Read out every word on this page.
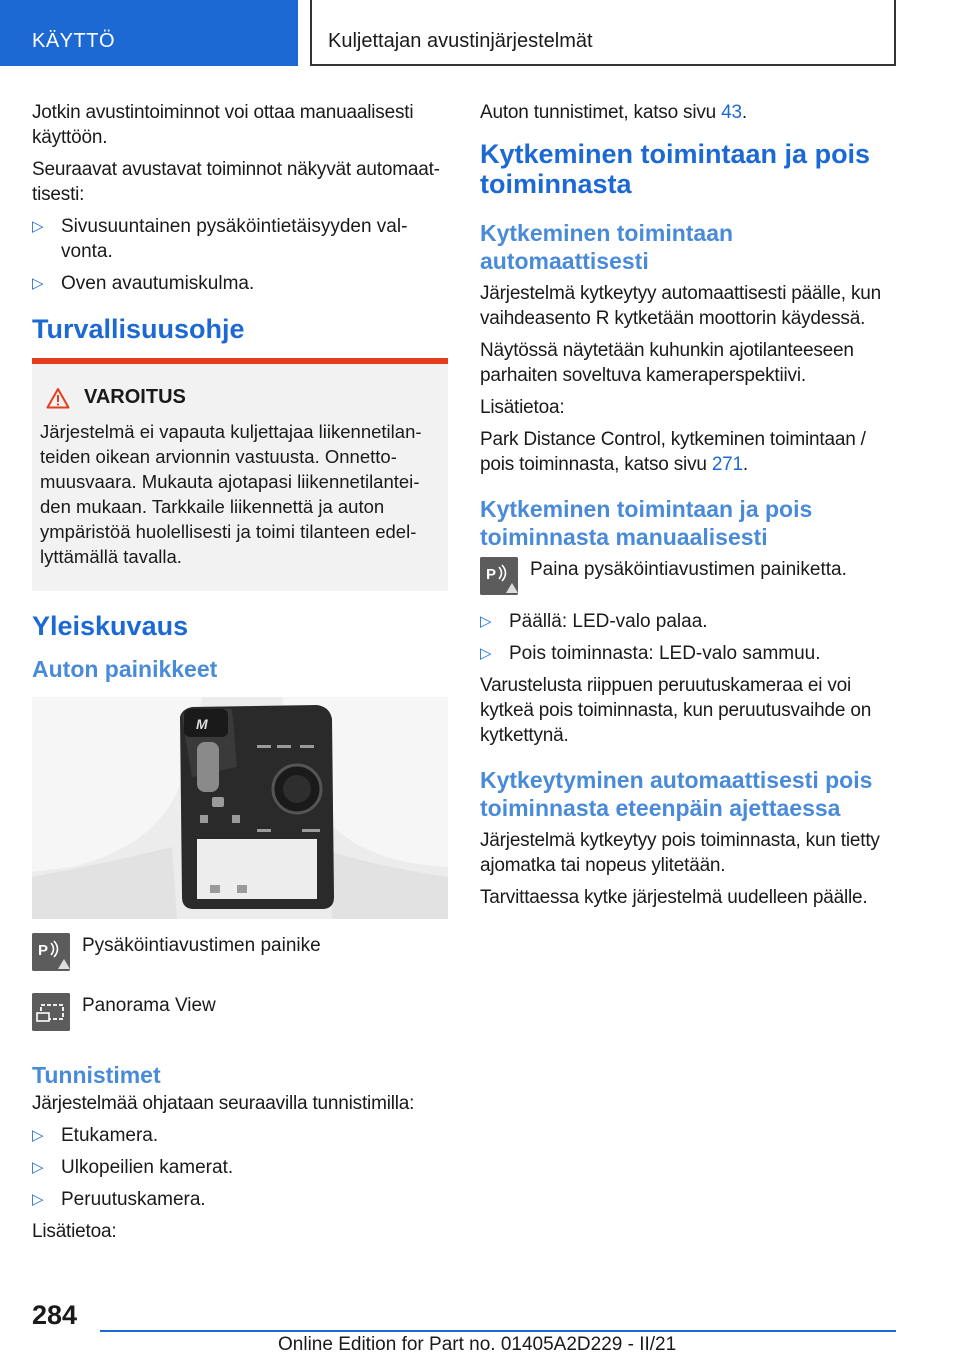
KÄYTTÖ	Kuljettajan avustinjärjestelmät

Jotkin avustintoiminnot voi ottaa manuaalisesti käyttöön.

Seuraavat avustavat toiminnot näkyvät automaattisesti:

▷ Sivusuuntainen pysäköintietäisyyden valvonta.
▷ Oven avautumiskulma.
Turvallisuusohje
VAROITUS
Järjestelmä ei vapauta kuljettajaa liikennetilanteiden oikean arvionnin vastuusta. Onnettomuusvaara. Mukauta ajotapasi liikennetilanteiden mukaan. Tarkkaile liikennettä ja auton ympäristöä huolellisesti ja toimi tilanteen edellyttämällä tavalla.
Yleiskuvaus
Auton painikkeet
M
P Pysäköintiavustimen painike
Panorama View
Tunnistimet

Järjestelmää ohjataan seuraavilla tunnistimilla:

▷ Etukamera.
▷ Ulkopeilien kamerat.
▷ Peruutuskamera.

Lisätietoa:

Auton tunnistimet, katso sivu 43.

Kytkeminen toimintaan ja pois toiminnasta
Kytkeminen toimintaan automaattisesti

Järjestelmä kytkeytyy automaattisesti päälle, kun vaihdeasento R kytketään moottorin käydessä.

Näytössä näytetään kuhunkin ajotilanteeseen parhaiten soveltuva kameraperspektiivi.

Lisätietoa:

Park Distance Control, kytkeminen toimintaan / pois toiminnasta, katso sivu 271.

Kytkeminen toimintaan ja pois toiminnasta manuaalisesti
P Paina pysäköintiavustimen painiketta.
▷ Päällä: LED-valo palaa.
▷ Pois toiminnasta: LED-valo sammuu.

Varustelusta riippuen peruutuskameraa ei voi kytkeä pois toiminnasta, kun peruutusvaihde on kytkettynä.

Kytkeytyminen automaattisesti pois toiminnasta eteenpäin ajettaessa

Järjestelmä kytkeytyy pois toiminnasta, kun tietty ajomatka tai nopeus ylitetään.

Tarvittaessa kytke järjestelmä uudelleen päälle.

284
Online Edition for Part no. 01405A2D229 - II/21
